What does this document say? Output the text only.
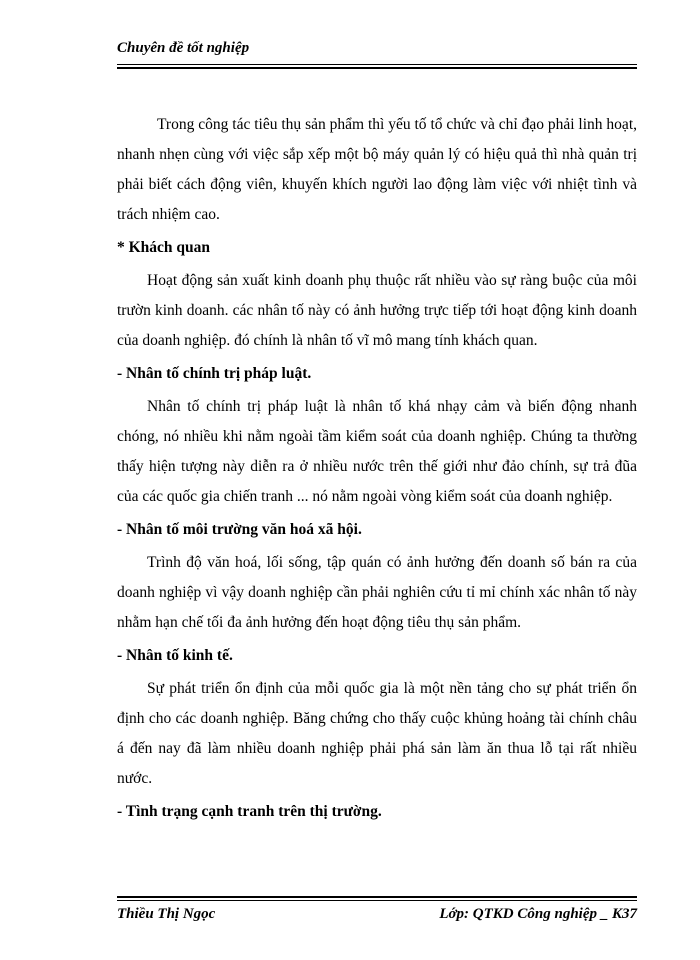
Chuyên đề tốt nghiệp

Trong công tác tiêu thụ sản phẩm thì yếu tố tổ chức và chỉ đạo phải linh hoạt, nhanh nhẹn cùng với việc sắp xếp một bộ máy quản lý có hiệu quả thì nhà quản trị phải biết cách động viên, khuyến khích người lao động làm việc với nhiệt tình và trách nhiệm cao.

* Khách quan

Hoạt động sản xuất kinh doanh phụ thuộc rất nhiều vào sự ràng buộc của môi trườn kinh doanh. các nhân tố này có ảnh hưởng trực tiếp tới hoạt động kinh doanh của doanh nghiệp. đó chính là nhân tố vĩ mô mang tính khách quan.

- Nhân tố chính trị pháp luật.

Nhân tố chính trị pháp luật là nhân tố khá nhạy cảm và biến động nhanh chóng, nó nhiều khi nằm ngoài tầm kiểm soát của doanh nghiệp. Chúng ta thường thấy hiện tượng này diễn ra ở nhiều nước trên thế giới như đảo chính, sự trả đũa của các quốc gia chiến tranh ... nó nằm ngoài vòng kiểm soát của doanh nghiệp.

- Nhân tố môi trường văn hoá xã hội.

Trình độ văn hoá, lối sống, tập quán có ảnh hưởng đến doanh số bán ra của doanh nghiệp vì vậy doanh nghiệp cần phải nghiên cứu tỉ mỉ chính xác nhân tố này nhằm hạn chế tối đa ảnh hưởng đến hoạt động tiêu thụ sản phẩm.

- Nhân tố kinh tế.

Sự phát triển ổn định của mỗi quốc gia là một nền tảng cho sự phát triển ổn định cho các doanh nghiệp. Băng chứng cho thấy cuộc khủng hoảng tài chính châu á đến nay đã làm nhiều doanh nghiệp phải phá sản làm ăn thua lỗ tại rất nhiều nước.

- Tình trạng cạnh tranh trên thị trường.

Thiều Thị Ngọc	Lớp: QTKD Công nghiệp _ K37
